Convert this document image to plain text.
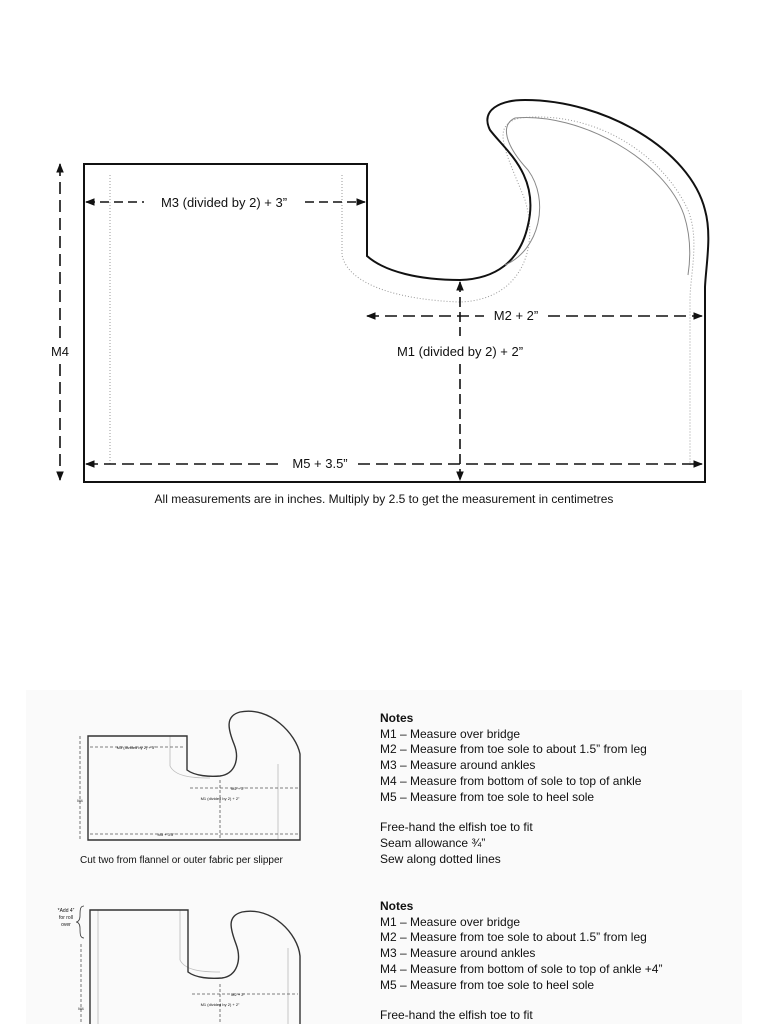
M3 (divided by 2) + 3”
M4
M2 + 2”
M1 (divided by 2) + 2”
M5 + 3.5”
All measurements are in inches. Multiply by 2.5 to get the measurement in centimetres
M3 (divided by 2) + 3”
M2 + 2”
M1 (divided by 2) + 2”
M4
M5 + 3.5”
Cut two from flannel or outer fabric per slipper
Notes
M1 – Measure over bridge
M2 – Measure from toe sole to about 1.5” from leg
M3 – Measure around ankles
M4 – Measure from bottom of sole to top of ankle
M5 – Measure from toe sole to heel sole
Free-hand the elfish toe to fit
Seam allowance ¾”
Sew along dotted lines
*Add 4”
for roll
over
M2 + 2”
M1 (divided by 2) + 2”
M4
Notes
M1 – Measure over bridge
M2 – Measure from toe sole to about 1.5” from leg
M3 – Measure around ankles
M4 – Measure from bottom of sole to top of ankle +4”
M5 – Measure from toe sole to heel sole
Free-hand the elfish toe to fit
